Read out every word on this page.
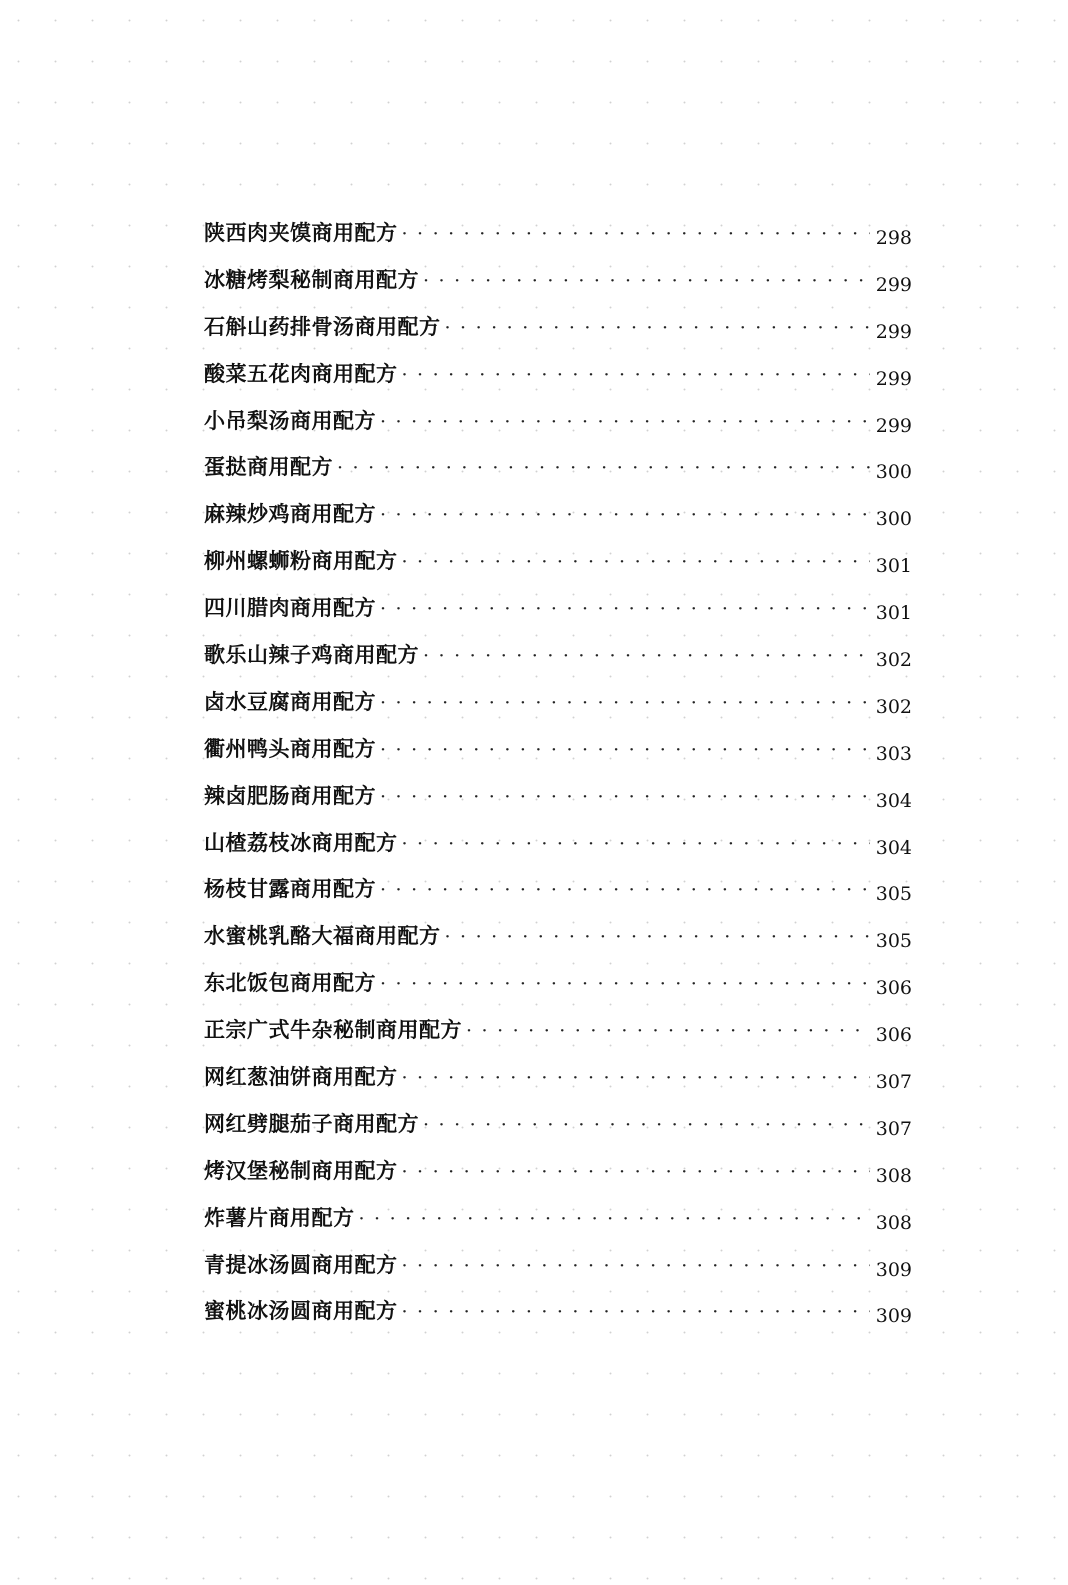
陕西肉夹馍商用配方 ·····	298
冰糖烤梨秘制商用配方 ·····	299
石斛山药排骨汤商用配方 ·····	299
酸菜五花肉商用配方 ·····	299
小吊梨汤商用配方 ·····	299
蛋挞商用配方 ·····	300
麻辣炒鸡商用配方 ·····	300
柳州螺蛳粉商用配方 ·····	301
四川腊肉商用配方 ·····	301
歌乐山辣子鸡商用配方 ·····	302
卤水豆腐商用配方 ·····	302
衢州鸭头商用配方 ·····	303
辣卤肥肠商用配方 ·····	304
山楂荔枝冰商用配方 ·····	304
杨枝甘露商用配方 ·····	305
水蜜桃乳酪大福商用配方 ·····	305
东北饭包商用配方 ·····	306
正宗广式牛杂秘制商用配方 ·····	306
网红葱油饼商用配方 ·····	307
网红劈腿茄子商用配方 ·····	307
烤汉堡秘制商用配方 ·····	308
炸薯片商用配方 ·····	308
青提冰汤圆商用配方 ·····	309
蜜桃冰汤圆商用配方 ·····	309
